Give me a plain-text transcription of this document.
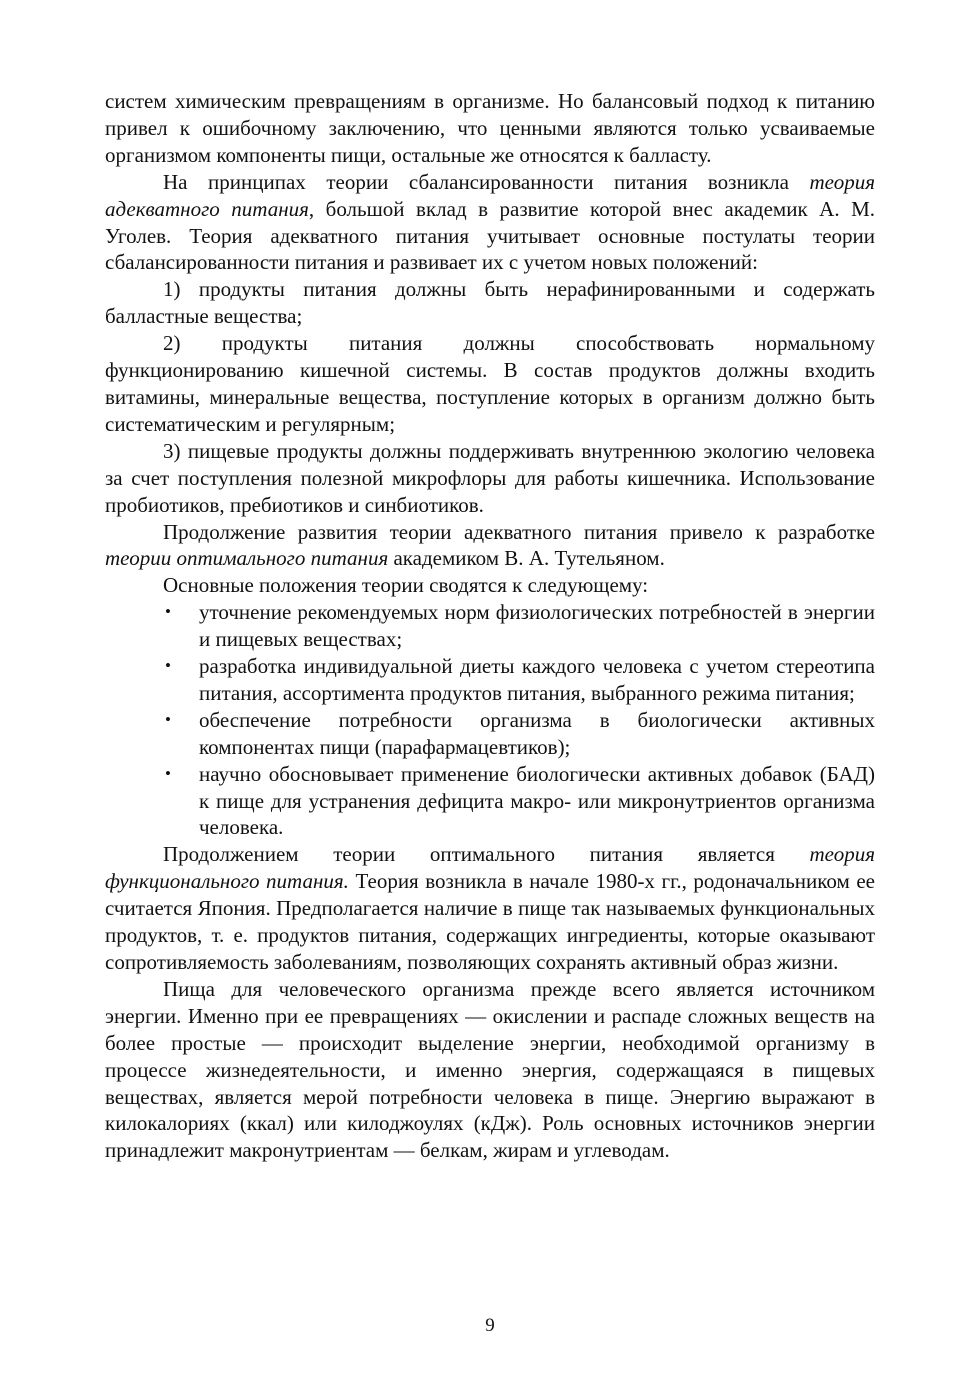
систем химическим превращениям в организме. Но балансовый подход к питанию привел к ошибочному заключению, что ценными являются только усваиваемые организмом компоненты пищи, остальные же относятся к балласту.

На принципах теории сбалансированности питания возникла теория адекватного питания, большой вклад в развитие которой внес академик А. М. Уголев. Теория адекватного питания учитывает основные постулаты теории сбалансированности питания и развивает их с учетом новых положений:

1) продукты питания должны быть нерафинированными и содержать балластные вещества;

2) продукты питания должны способствовать нормальному функционированию кишечной системы. В состав продуктов должны входить витамины, минеральные вещества, поступление которых в организм должно быть систематическим и регулярным;

3) пищевые продукты должны поддерживать внутреннюю экологию человека за счет поступления полезной микрофлоры для работы кишечника. Использование пробиотиков, пребиотиков и синбиотиков.

Продолжение развития теории адекватного питания привело к разработке теории оптимального питания академиком В. А. Тутельяном.

Основные положения теории сводятся к следующему:

• уточнение рекомендуемых норм физиологических потребностей в энергии и пищевых веществах;
• разработка индивидуальной диеты каждого человека с учетом стереотипа питания, ассортимента продуктов питания, выбранного режима питания;
• обеспечение потребности организма в биологически активных компонентах пищи (парафармацевтиков);
• научно обосновывает применение биологически активных добавок (БАД) к пище для устранения дефицита макро- или микронутриентов организма человека.

Продолжением теории оптимального питания является теория функционального питания. Теория возникла в начале 1980-х гг., родоначальником ее считается Япония. Предполагается наличие в пище так называемых функциональных продуктов, т. е. продуктов питания, содержащих ингредиенты, которые оказывают сопротивляемость заболеваниям, позволяющих сохранять активный образ жизни.

Пища для человеческого организма прежде всего является источником энергии. Именно при ее превращениях — окислении и распаде сложных веществ на более простые — происходит выделение энергии, необходимой организму в процессе жизнедеятельности, и именно энергия, содержащаяся в пищевых веществах, является мерой потребности человека в пище. Энергию выражают в килокалориях (ккал) или килоджоулях (кДж). Роль основных источников энергии принадлежит макронутриентам — белкам, жирам и углеводам.

9
